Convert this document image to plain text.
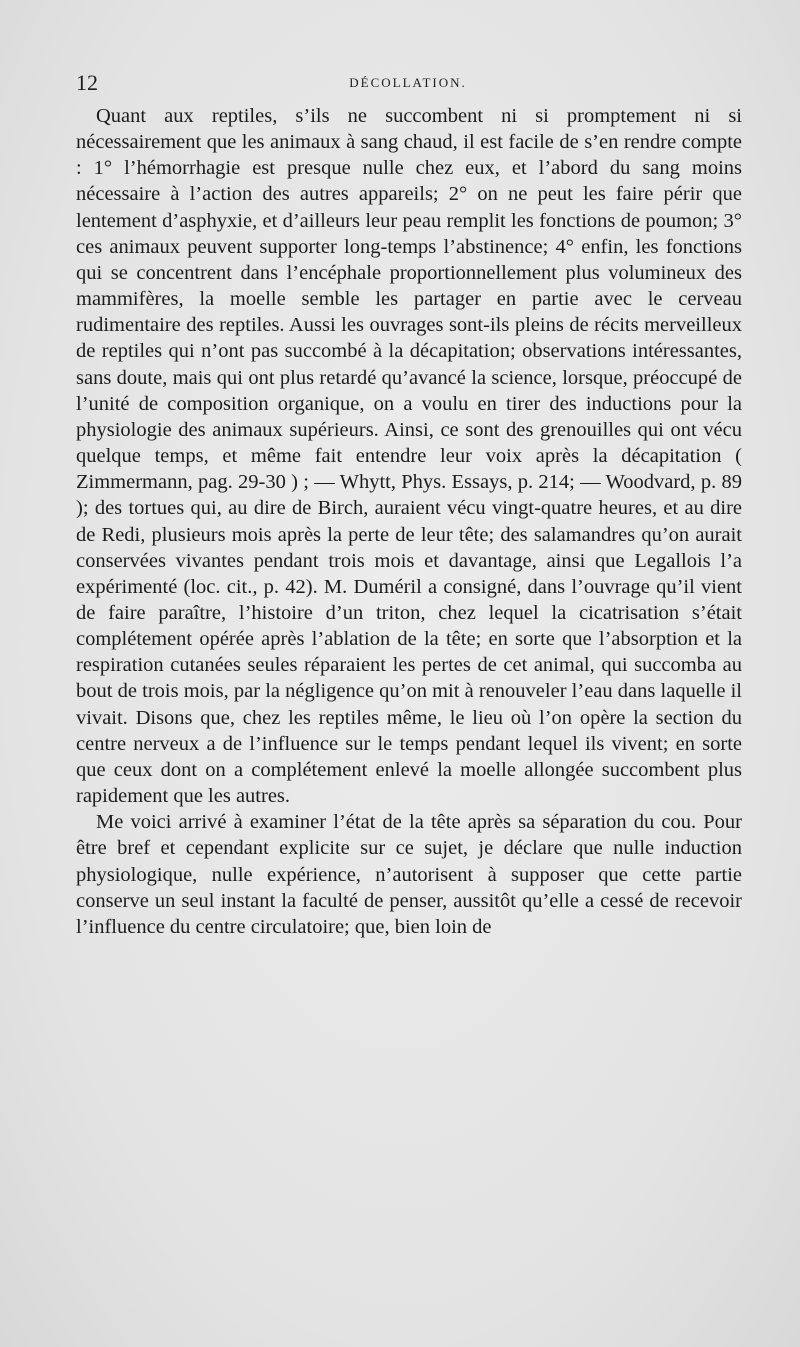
12	DÉCOLLATION.

Quant aux reptiles, s’ils ne succombent ni si promptement ni si nécessairement que les animaux à sang chaud, il est facile de s’en rendre compte : 1° l’hémorrhagie est presque nulle chez eux, et l’abord du sang moins nécessaire à l’action des autres appareils; 2° on ne peut les faire périr que lentement d’asphyxie, et d’ailleurs leur peau remplit les fonctions de poumon; 3° ces animaux peuvent supporter long-temps l’abstinence; 4° enfin, les fonctions qui se concentrent dans l’encéphale proportionnellement plus volumineux des mammifères, la moelle semble les partager en partie avec le cerveau rudimentaire des reptiles. Aussi les ouvrages sont-ils pleins de récits merveilleux de reptiles qui n’ont pas succombé à la décapitation; observations intéressantes, sans doute, mais qui ont plus retardé qu’avancé la science, lorsque, préoccupé de l’unité de composition organique, on a voulu en tirer des inductions pour la physiologie des animaux supérieurs. Ainsi, ce sont des grenouilles qui ont vécu quelque temps, et même fait entendre leur voix après la décapitation ( Zimmermann, pag. 29-30 ) ; — Whytt, Phys. Essays, p. 214; — Woodvard, p. 89 ); des tortues qui, au dire de Birch, auraient vécu vingt-quatre heures, et au dire de Redi, plusieurs mois après la perte de leur tête; des salamandres qu’on aurait conservées vivantes pendant trois mois et davantage, ainsi que Legallois l’a expérimenté (loc. cit., p. 42). M. Duméril a consigné, dans l’ouvrage qu’il vient de faire paraître, l’histoire d’un triton, chez lequel la cicatrisation s’était complétement opérée après l’ablation de la tête; en sorte que l’absorption et la respiration cutanées seules réparaient les pertes de cet animal, qui succomba au bout de trois mois, par la négligence qu’on mit à renouveler l’eau dans laquelle il vivait. Disons que, chez les reptiles même, le lieu où l’on opère la section du centre nerveux a de l’influence sur le temps pendant lequel ils vivent; en sorte que ceux dont on a complétement enlevé la moelle allongée succombent plus rapidement que les autres.

Me voici arrivé à examiner l’état de la tête après sa séparation du cou. Pour être bref et cependant explicite sur ce sujet, je déclare que nulle induction physiologique, nulle expérience, n’autorisent à supposer que cette partie conserve un seul instant la faculté de penser, aussitôt qu’elle a cessé de recevoir l’influence du centre circulatoire; que, bien loin de
